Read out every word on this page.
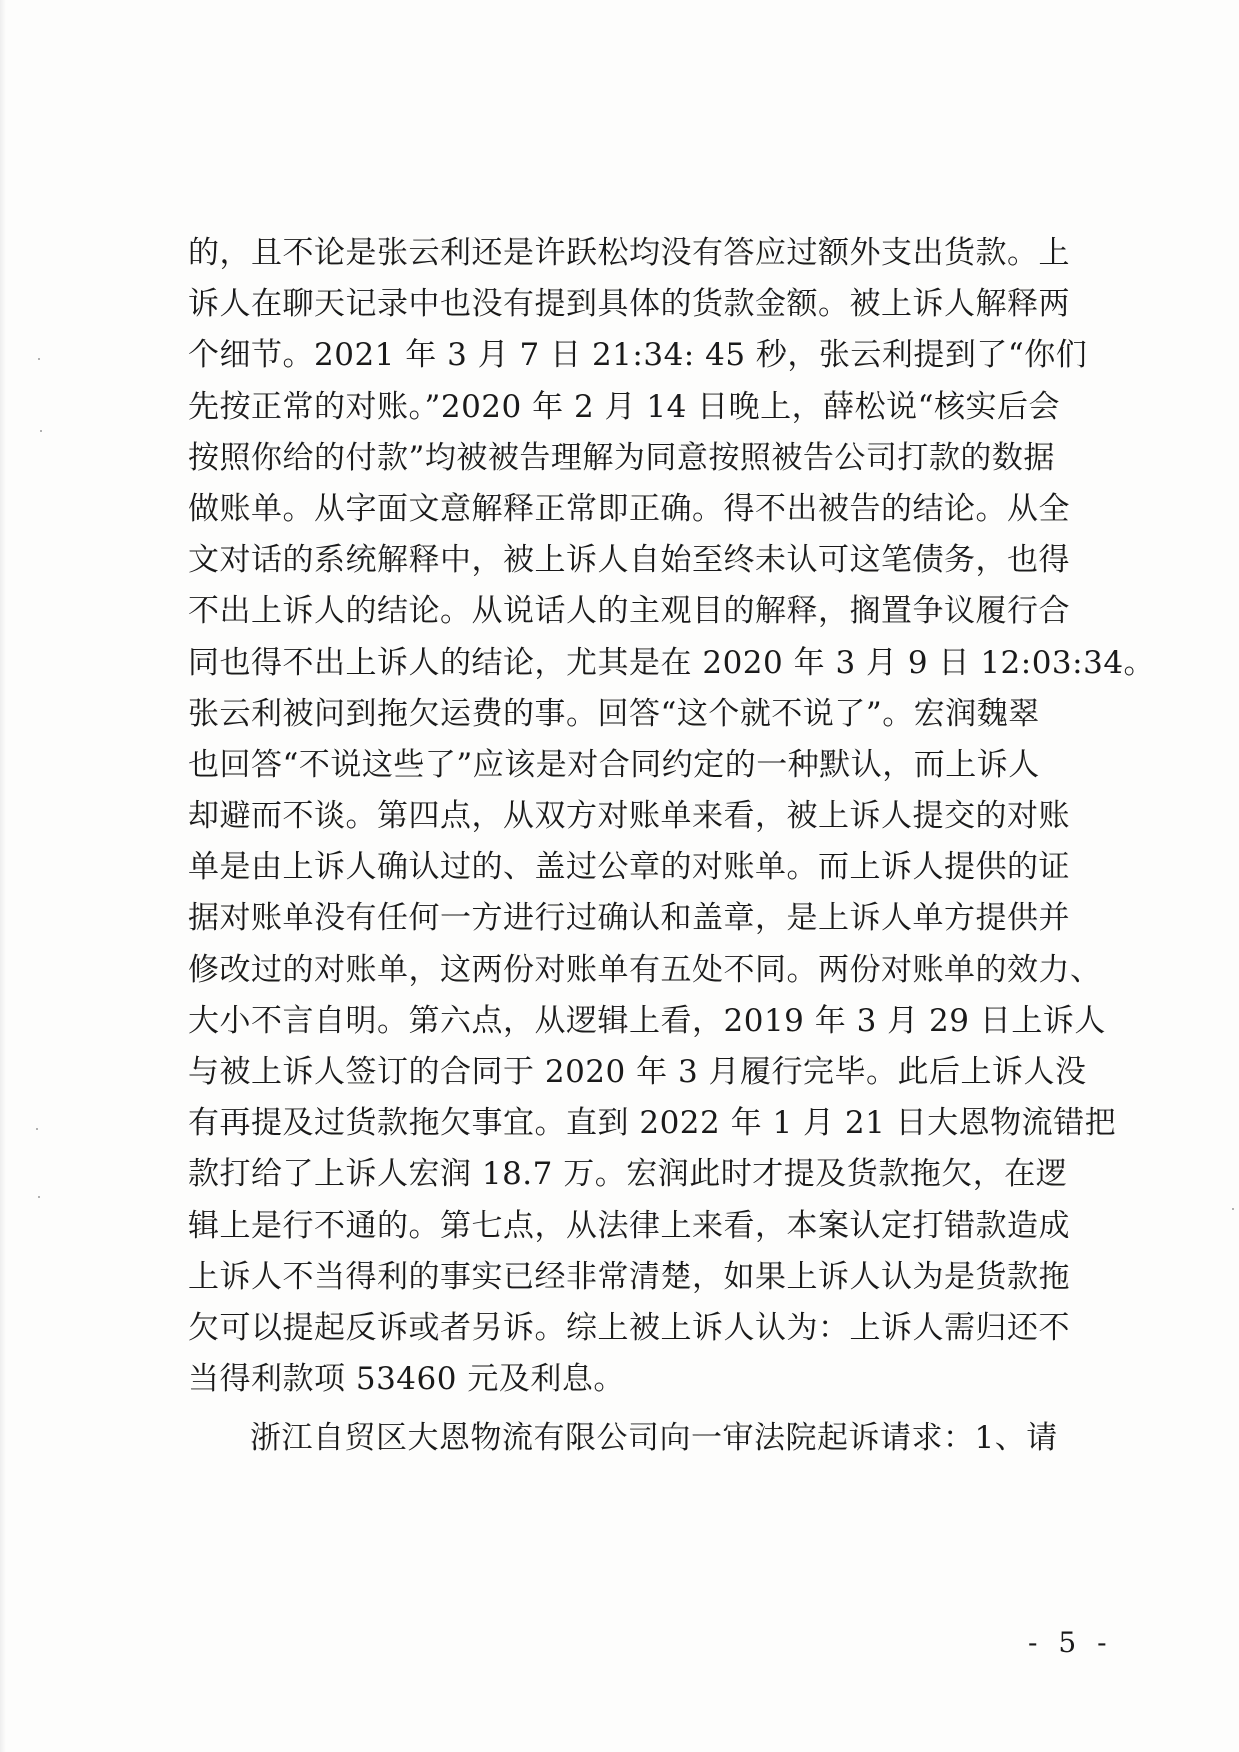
的，且不论是张云利还是许跃松均没有答应过额外支出货款。上
诉人在聊天记录中也没有提到具体的货款金额。被上诉人解释两
个细节。2021 年 3 月 7 日 21:34: 45 秒，张云利提到了“你们
先按正常的对账。”2020 年 2 月 14 日晚上，薛松说“核实后会
按照你给的付款”均被被告理解为同意按照被告公司打款的数据
做账单。从字面文意解释正常即正确。得不出被告的结论。从全
文对话的系统解释中，被上诉人自始至终未认可这笔债务，也得
不出上诉人的结论。从说话人的主观目的解释，搁置争议履行合
同也得不出上诉人的结论，尤其是在 2020 年 3 月 9 日 12:03:34。
张云利被问到拖欠运费的事。回答“这个就不说了”。宏润魏翠
也回答“不说这些了”应该是对合同约定的一种默认，而上诉人
却避而不谈。第四点，从双方对账单来看，被上诉人提交的对账
单是由上诉人确认过的、盖过公章的对账单。而上诉人提供的证
据对账单没有任何一方进行过确认和盖章，是上诉人单方提供并
修改过的对账单，这两份对账单有五处不同。两份对账单的效力、
大小不言自明。第六点，从逻辑上看，2019 年 3 月 29 日上诉人
与被上诉人签订的合同于 2020 年 3 月履行完毕。此后上诉人没
有再提及过货款拖欠事宜。直到 2022 年 1 月 21 日大恩物流错把
款打给了上诉人宏润 18.7 万。宏润此时才提及货款拖欠，在逻
辑上是行不通的。第七点，从法律上来看，本案认定打错款造成
上诉人不当得利的事实已经非常清楚，如果上诉人认为是货款拖
欠可以提起反诉或者另诉。综上被上诉人认为：上诉人需归还不
当得利款项 53460 元及利息。
浙江自贸区大恩物流有限公司向一审法院起诉请求：1、请
- 5 -
